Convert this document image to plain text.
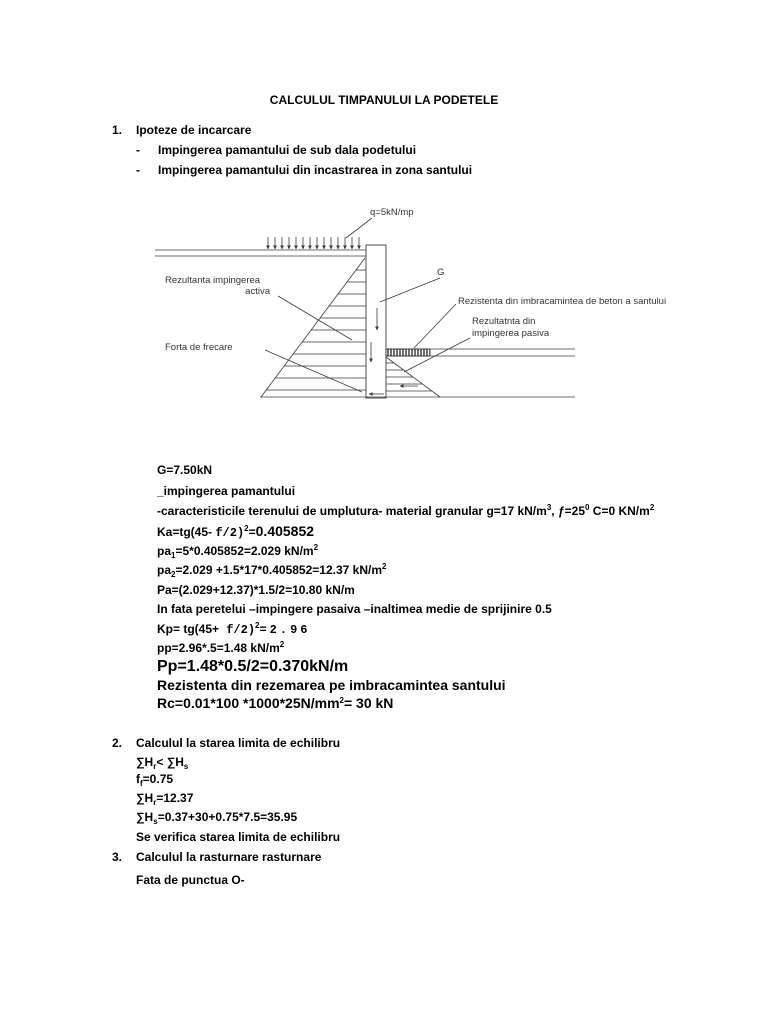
CALCULUL TIMPANULUI LA PODETELE
1. Ipoteze de incarcare
- Impingerea pamantului de sub dala podetului
- Impingerea pamantului din incastrarea in zona santului
q=5kN/mp
G
Rezultanta impingerea
activa
Rezistenta din imbracamintea de beton a santului
Rezultatnta din
impingerea pasiva
Forta de frecare
G=7.50kN
_impingerea pamantului
-caracteristicile terenului de umplutura- material granular ɡ=17 $kN/m^3$, $ƒ=25^0$ C=0 $KN/m^2$
Ka=tg(45- f/2)$^2$=0.405852
$pa_1=5*0.405852=2.029$ $kN/m^2$
$pa_2=2.029 +1.5*17*0.405852=12.37$ $kN/m^2$
Pa=(2.029+12.37)*1.5/2=10.80 kN/m
In fata peretelui –impingere pasaiva –inaltimea medie de sprijinire 0.5
$Kp= tg(45+ f/2)^2=2.96$
pp=2.96*.5=1.48 $kN/m^2$
Pp=1.48*0.5/2=0.370kN/m
Rezistenta din rezemarea pe imbracamintea santului
Rc=0.01*100 $*1000*25N/mm^2= 30$ kN
2. Calculul la starea limita de echilibru
$\sum H_r< \sum H_s$
$f_f=0.75$
$\sum H_r=12.37$
$\sum H_s=0.37+30+0.75*7.5=35.95$
Se verifica starea limita de echilibru
3. Calculul la rasturnare rasturnare
Fata de punctua O-
